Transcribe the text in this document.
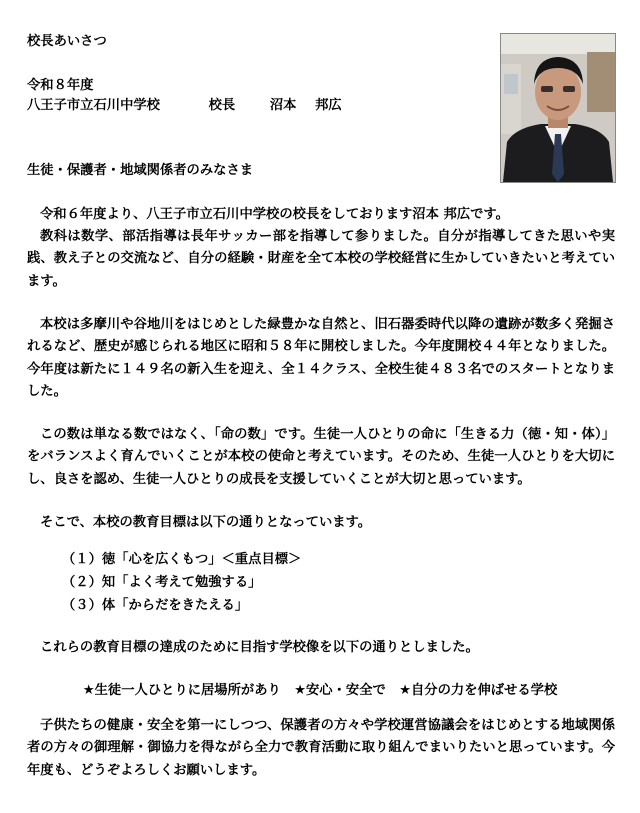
校長あいさつ
令和８年度
八王子市立石川中学校	校長	沼本 邦広
生徒・保護者・地域関係者のみなさま
令和６年度より、八王子市立石川中学校の校長をしております沼本 邦広です。
教科は数学、部活指導は長年サッカー部を指導して参りました。自分が指導してきた思いや実践、教え子との交流など、自分の経験・財産を全て本校の学校経営に生かしていきたいと考えています。
本校は多摩川や谷地川をはじめとした緑豊かな自然と、旧石器委時代以降の遺跡が数多く発掘されるなど、歴史が感じられる地区に昭和５８年に開校しました。今年度開校４４年となりました。今年度は新たに１４９名の新入生を迎え、全１４クラス、全校生徒４８３名でのスタートとなりました。
この数は単なる数ではなく、「命の数」です。生徒一人ひとりの命に「生きる力（徳・知・体）」をバランスよく育んでいくことが本校の使命と考えています。そのため、生徒一人ひとりを大切にし、良さを認め、生徒一人ひとりの成長を支援していくことが大切と思っています。
そこで、本校の教育目標は以下の通りとなっています。
（１）徳「心を広くもつ」＜重点目標＞
（２）知「よく考えて勉強する」
（３）体「からだをきたえる」
これらの教育目標の達成のために目指す学校像を以下の通りとしました。
★生徒一人ひとりに居場所があり　★安心・安全で　★自分の力を伸ばせる学校
子供たちの健康・安全を第一にしつつ、保護者の方々や学校運営協議会をはじめとする地域関係者の方々の御理解・御協力を得ながら全力で教育活動に取り組んでまいりたいと思っています。今年度も、どうぞよろしくお願いします。
